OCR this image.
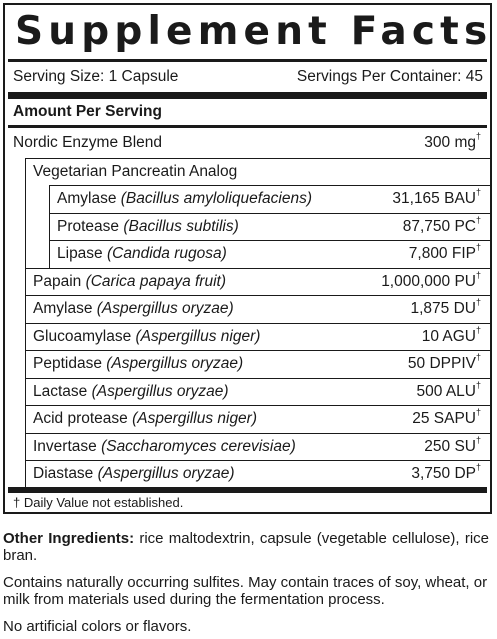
Supplement Facts
Serving Size: 1 Capsule	Servings Per Container: 45
Amount Per Serving
Nordic Enzyme Blend	300 mg†
Vegetarian Pancreatin Analog
Amylase (Bacillus amyloliquefaciens)	31,165 BAU†
Protease (Bacillus subtilis)	87,750 PC†
Lipase (Candida rugosa)	7,800 FIP†
Papain (Carica papaya fruit)	1,000,000 PU†
Amylase (Aspergillus oryzae)	1,875 DU†
Glucoamylase (Aspergillus niger)	10 AGU†
Peptidase (Aspergillus oryzae)	50 DPPIV†
Lactase (Aspergillus oryzae)	500 ALU†
Acid protease (Aspergillus niger)	25 SAPU†
Invertase (Saccharomyces cerevisiae)	250 SU†
Diastase (Aspergillus oryzae)	3,750 DP†
† Daily Value not established.
Other Ingredients: rice maltodextrin, capsule (vegetable cellulose), rice bran.
Contains naturally occurring sulfites. May contain traces of soy, wheat, or milk from materials used during the fermentation process.
No artificial colors or flavors.
